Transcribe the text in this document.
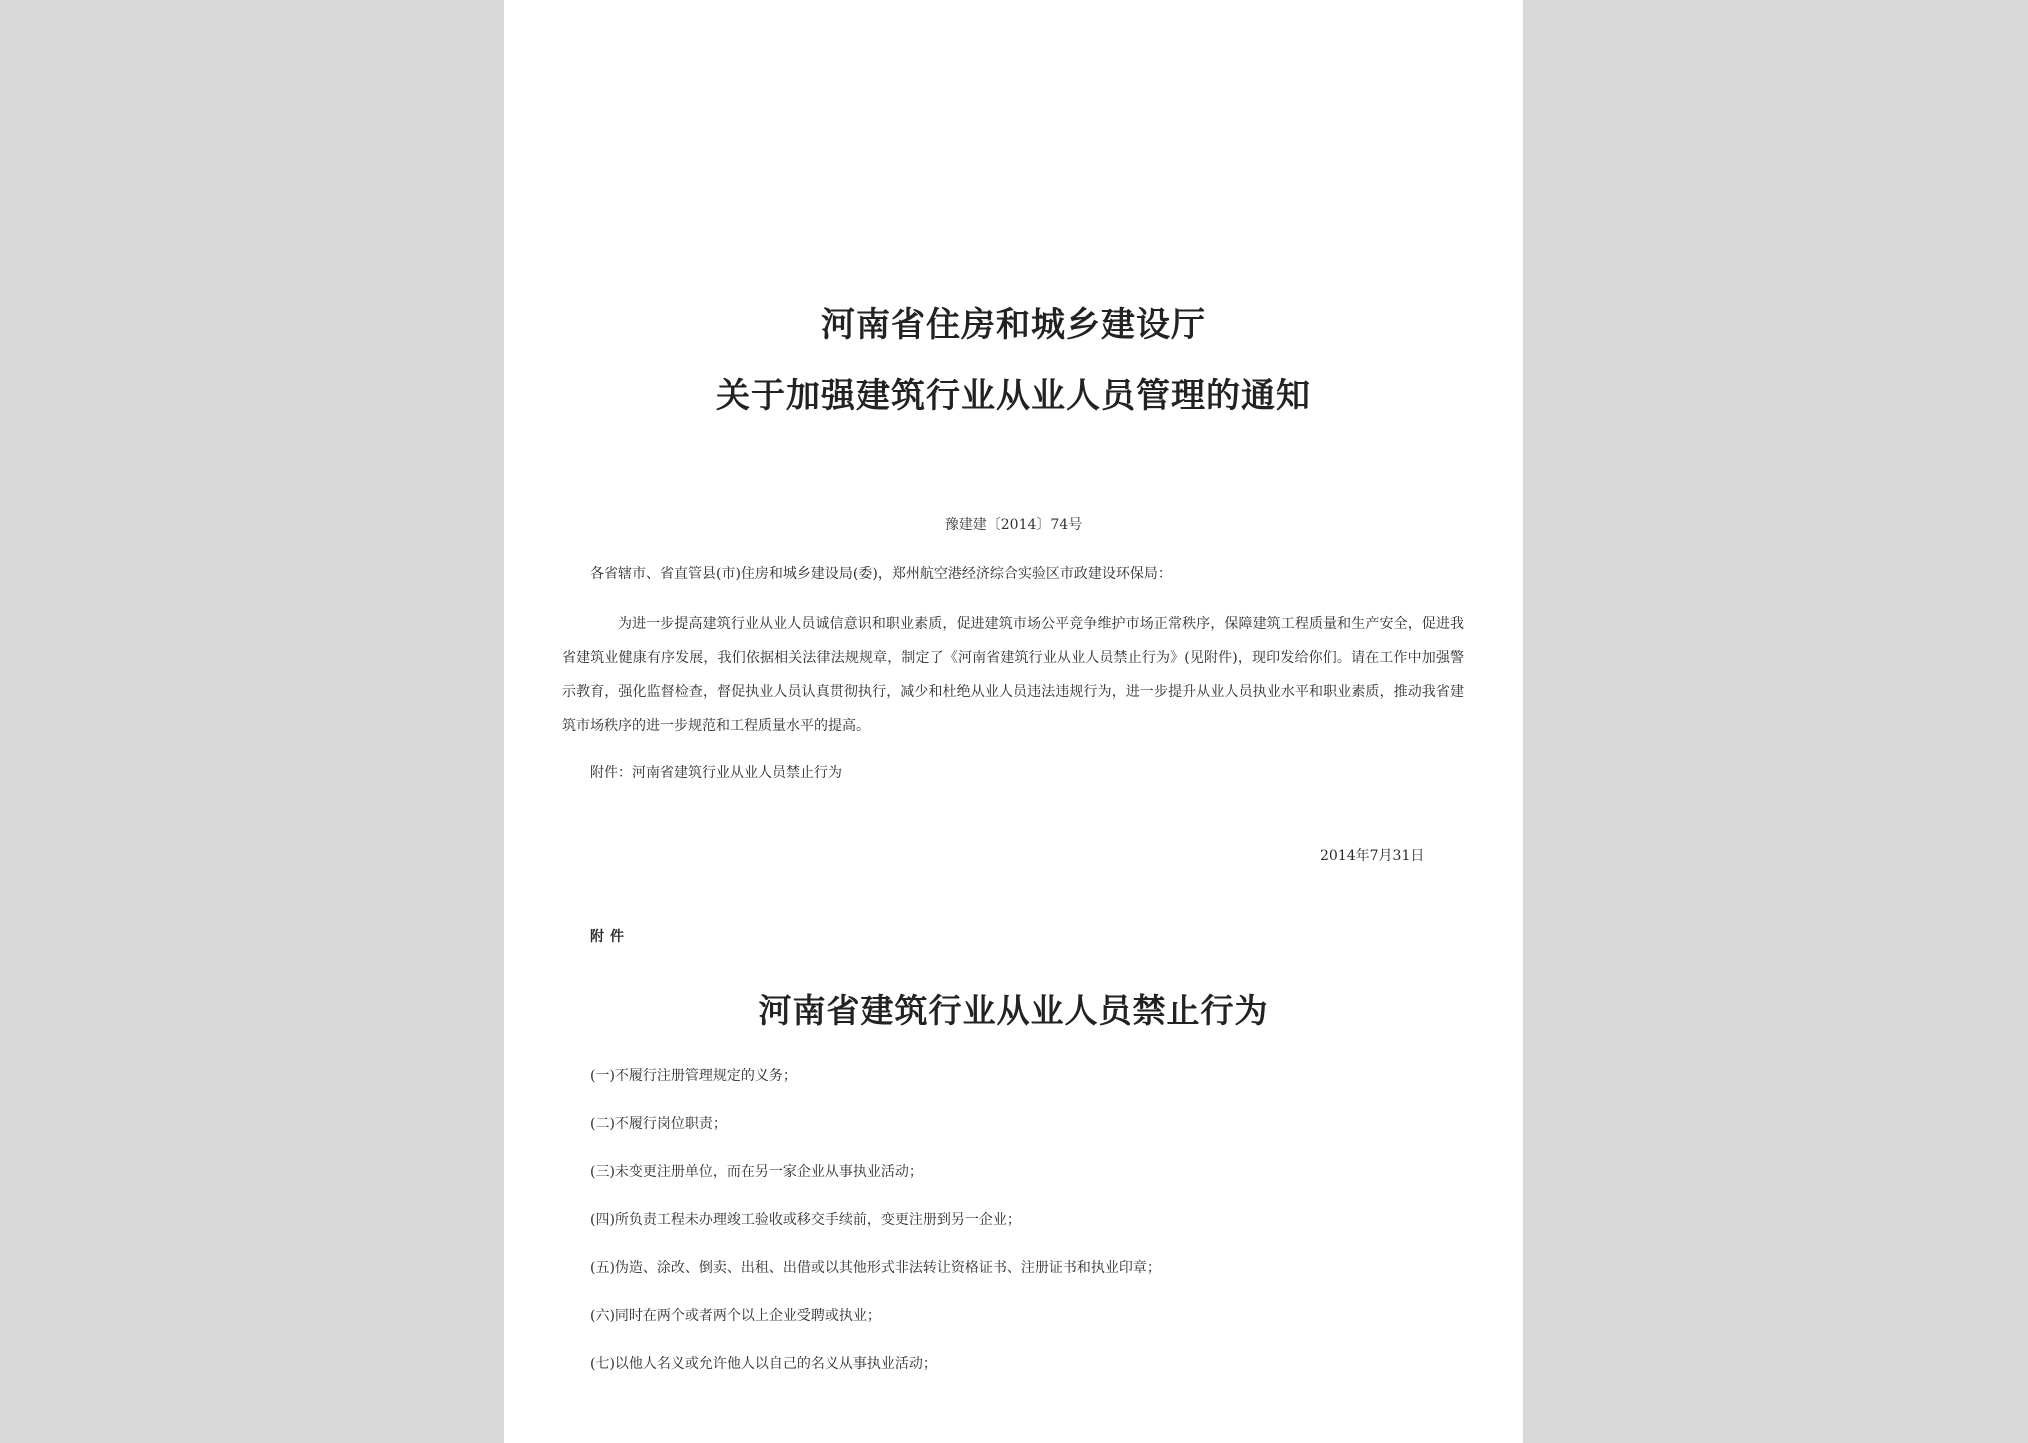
河南省住房和城乡建设厅
关于加强建筑行业从业人员管理的通知
豫建建〔2014〕74号
各省辖市、省直管县(市)住房和城乡建设局(委)，郑州航空港经济综合实验区市政建设环保局：
为进一步提高建筑行业从业人员诚信意识和职业素质，促进建筑市场公平竞争维护市场正常秩序，保障建筑工程质量和生产安全，促进我省建筑业健康有序发展，我们依据相关法律法规规章，制定了《河南省建筑行业从业人员禁止行为》(见附件)，现印发给你们。请在工作中加强警示教育，强化监督检查，督促执业人员认真贯彻执行，减少和杜绝从业人员违法违规行为，进一步提升从业人员执业水平和职业素质，推动我省建筑市场秩序的进一步规范和工程质量水平的提高。
附件：河南省建筑行业从业人员禁止行为
2014年7月31日
附件
河南省建筑行业从业人员禁止行为
(一)不履行注册管理规定的义务；
(二)不履行岗位职责；
(三)未变更注册单位，而在另一家企业从事执业活动；
(四)所负责工程未办理竣工验收或移交手续前，变更注册到另一企业；
(五)伪造、涂改、倒卖、出租、出借或以其他形式非法转让资格证书、注册证书和执业印章；
(六)同时在两个或者两个以上企业受聘或执业；
(七)以他人名义或允许他人以自己的名义从事执业活动；
